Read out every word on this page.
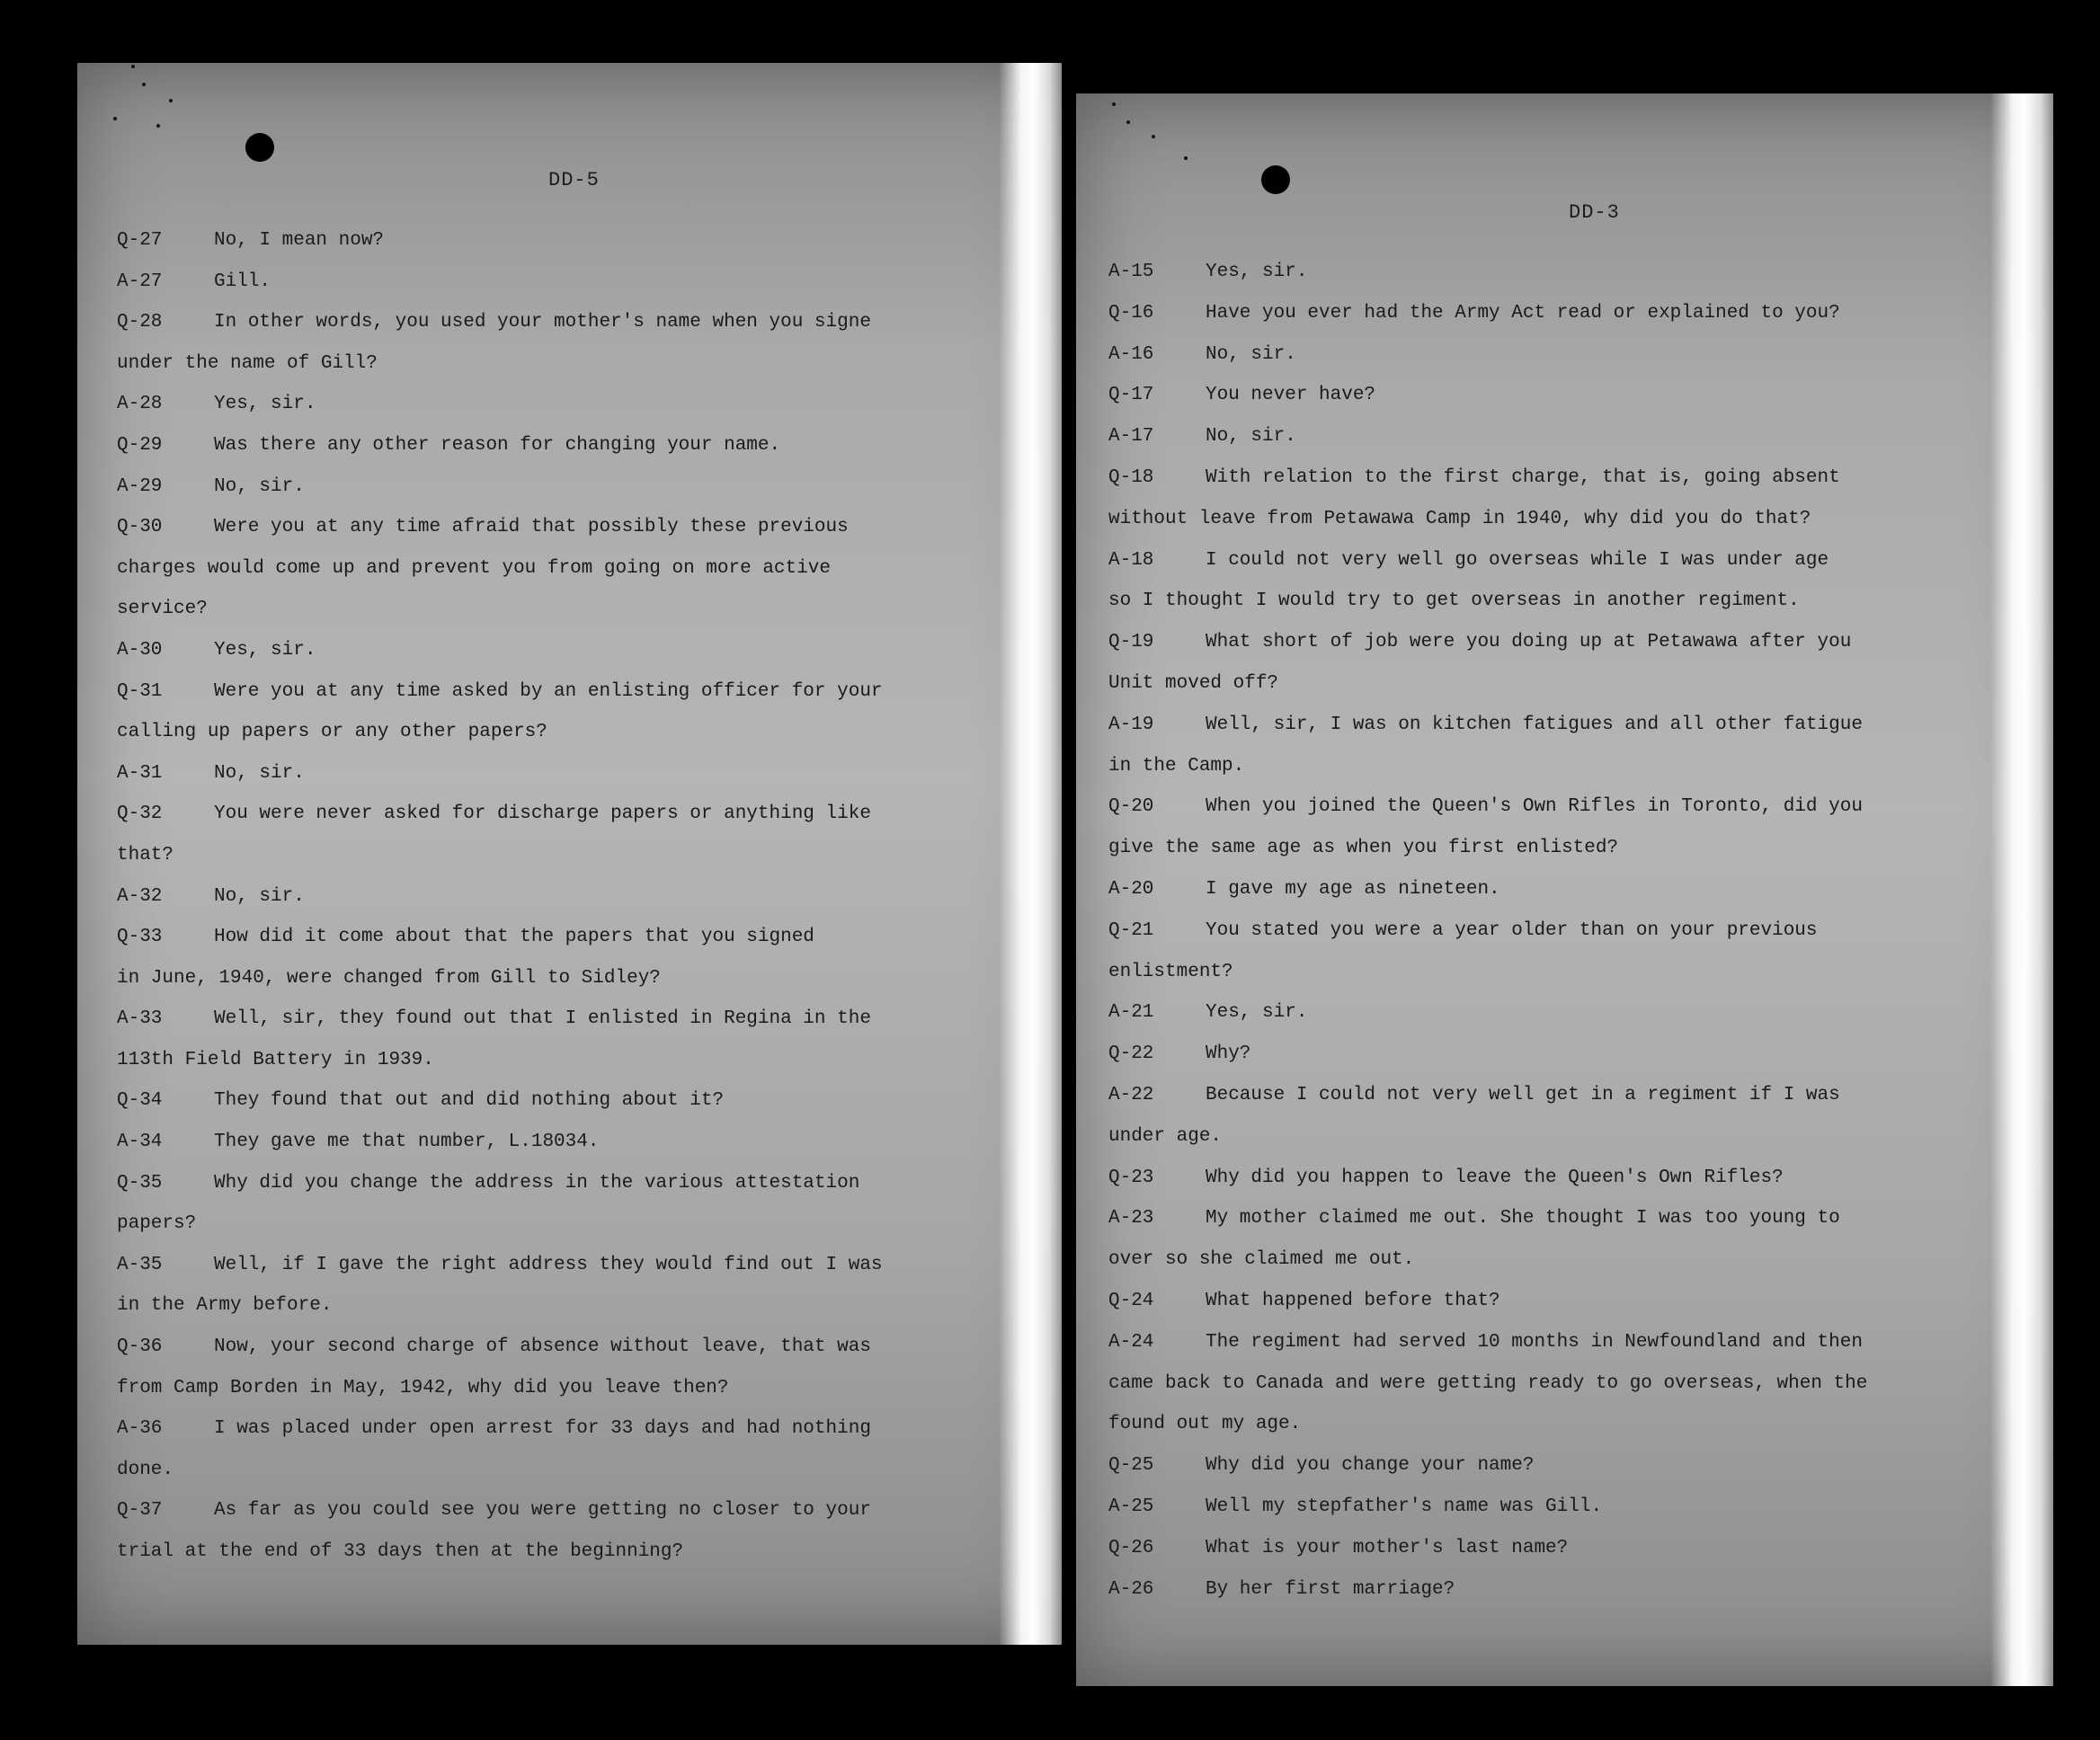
DD-5
Q-27	No, I mean now?
A-27	Gill.
Q-28	In other words, you used your mother's name when you signe
under the name of Gill?
A-28	Yes, sir.
Q-29	Was there any other reason for changing your name.
A-29	No, sir.
Q-30	Were you at any time afraid that possibly these previous
charges would come up and prevent you from going on more active
service?
A-30	Yes, sir.
Q-31	Were you at any time asked by an enlisting officer for your
calling up papers or any other papers?
A-31	No, sir.
Q-32	You were never asked for discharge papers or anything like
that?
A-32	No, sir.
Q-33	How did it come about that the papers that you signed
in June, 1940, were changed from Gill to Sidley?
A-33	Well, sir, they found out that I enlisted in Regina in the
113th Field Battery in 1939.
Q-34	They found that out and did nothing about it?
A-34	They gave me that number, L.18034.
Q-35	Why did you change the address in the various attestation
papers?
A-35	Well, if I gave the right address they would find out I was
in the Army before.
Q-36	Now, your second charge of absence without leave, that was
from Camp Borden in May, 1942, why did you leave then?
A-36	I was placed under open arrest for 33 days and had nothing
done.
Q-37	As far as you could see you were getting no closer to your
trial at the end of 33 days then at the beginning?
DD-3
A-15	Yes, sir.
Q-16	Have you ever had the Army Act read or explained to you?
A-16	No, sir.
Q-17	You never have?
A-17	No, sir.
Q-18	With relation to the first charge, that is, going absent
without leave from Petawawa Camp in 1940, why did you do that?
A-18	I could not very well go overseas while I was under age
so I thought I would try to get overseas in another regiment.
Q-19	What short of job were you doing up at Petawawa after you
Unit moved off?
A-19	Well, sir, I was on kitchen fatigues and all other fatigue
in the Camp.
Q-20	When you joined the Queen's Own Rifles in Toronto, did you
give the same age as when you first enlisted?
A-20	I gave my age as nineteen.
Q-21	You stated you were a year older than on your previous
enlistment?
A-21	Yes, sir.
Q-22	Why?
A-22	Because I could not very well get in a regiment if I was
under age.
Q-23	Why did you happen to leave the Queen's Own Rifles?
A-23	My mother claimed me out. She thought I was too young to
over so she claimed me out.
Q-24	What happened before that?
A-24	The regiment had served 10 months in Newfoundland and then
came back to Canada and were getting ready to go overseas, when the
found out my age.
Q-25	Why did you change your name?
A-25	Well my stepfather's name was Gill.
Q-26	What is your mother's last name?
A-26	By her first marriage?
